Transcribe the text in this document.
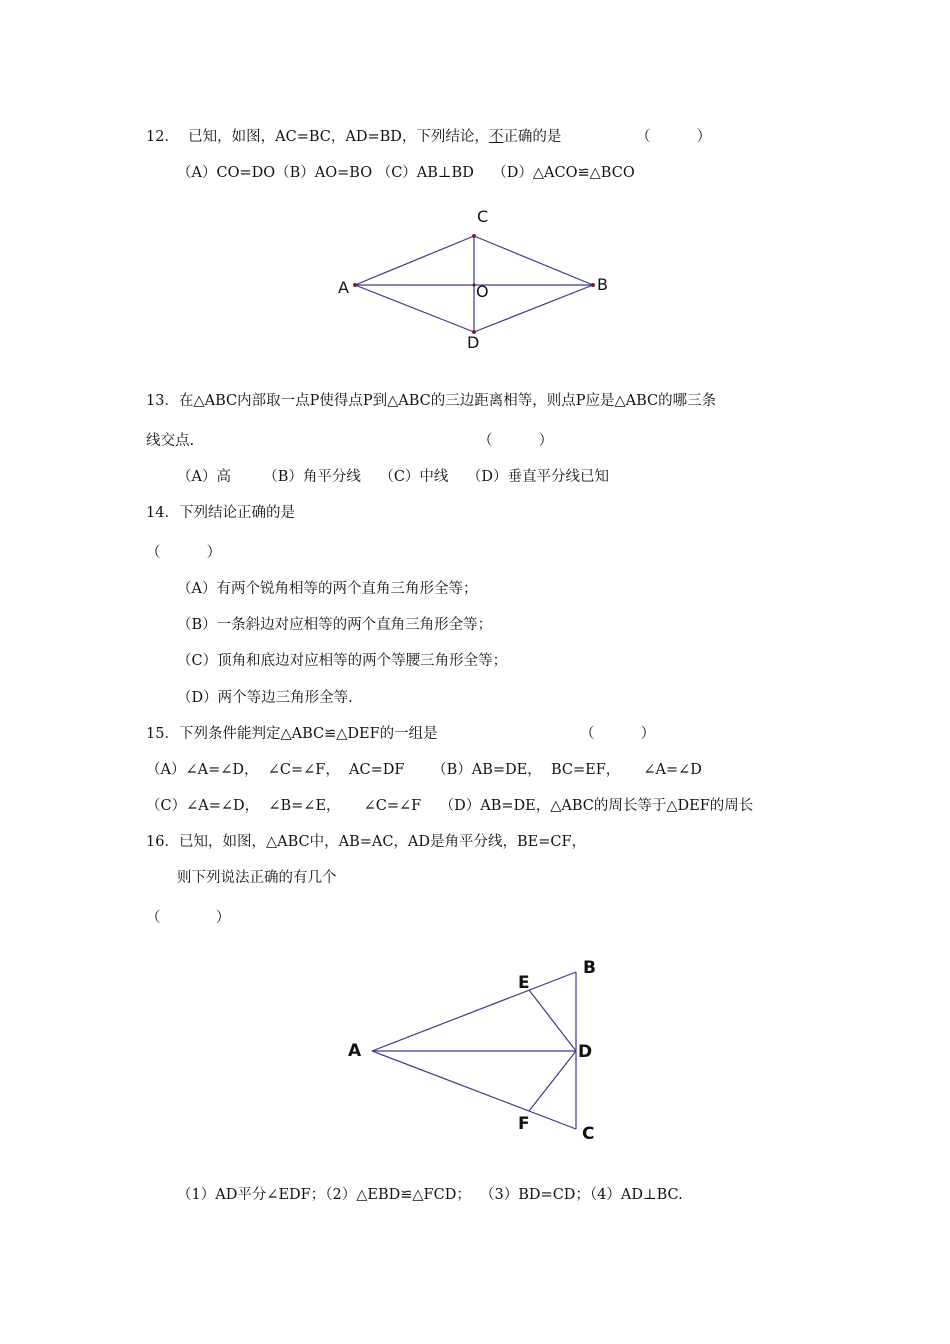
12．  已知，如图，AC=BC，AD=BD，下列结论，不正确的是	（          ）
（A）CO=DO（B）AO=BO （C）AB⊥BD    （D）△ACO≌△BCO
A	B
C
D
O
13．在△ABC内部取一点P使得点P到△ABC的三边距离相等，则点P应是△ABC的哪三条
线交点.	（          ）
（A）高       （B）角平分线    （C）中线    （D）垂直平分线已知
14．下列结论正确的是
（          ）
（A）有两个锐角相等的两个直角三角形全等；
（B）一条斜边对应相等的两个直角三角形全等；
（C）顶角和底边对应相等的两个等腰三角形全等；
（D）两个等边三角形全等.
15．下列条件能判定△ABC≌△DEF的一组是	（          ）
（A）∠A=∠D，  ∠C=∠F，  AC=DF      （B）AB=DE，  BC=EF，     ∠A=∠D
（C）∠A=∠D，  ∠B=∠E，     ∠C=∠F    （D）AB=DE，△ABC的周长等于△DEF的周长
16．已知，如图，△ABC中，AB=AC，AD是角平分线，BE=CF，
则下列说法正确的有几个
（            ）
A
B
C
D
E
F
（1）AD平分∠EDF；（2）△EBD≌△FCD；  （3）BD=CD；（4）AD⊥BC.
